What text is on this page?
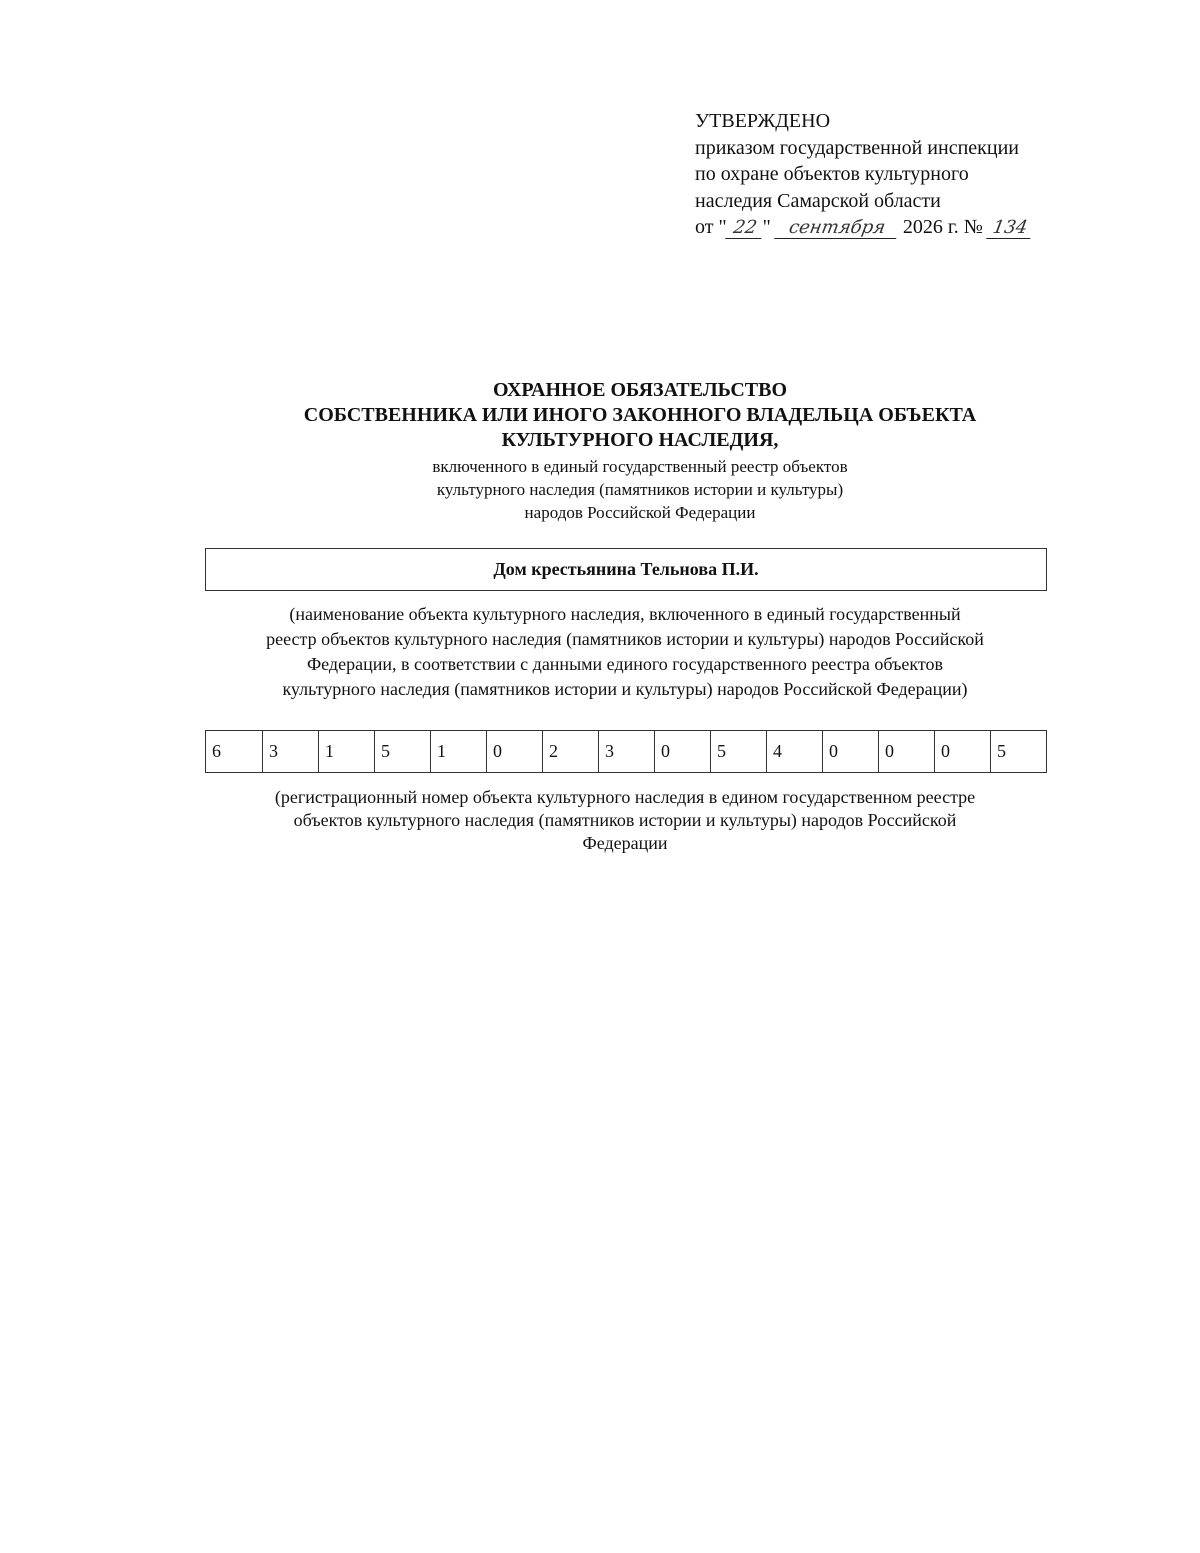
УТВЕРЖДЕНО
приказом государственной инспекции
по охране объектов культурного
наследия Самарской области
от " 22 " сентября 2026 г. № 134

ОХРАННОЕ ОБЯЗАТЕЛЬСТВО

СОБСТВЕННИКА ИЛИ ИНОГО ЗАКОННОГО ВЛАДЕЛЬЦА ОБЪЕКТА

КУЛЬТУРНОГО НАСЛЕДИЯ,

включенного в единый государственный реестр объектов

культурного наследия (памятников истории и культуры)

народов Российской Федерации

Дом крестьянина Тельнова П.И.
(наименование объекта культурного наследия, включенного в единый государственный
реестр объектов культурного наследия (памятников истории и культуры) народов Российской
Федерации, в соответствии с данными единого государственного реестра объектов
культурного наследия (памятников истории и культуры) народов Российской Федерации)
6	3	1	5	1	0	2	3	0	5	4	0	0	0	5
(регистрационный номер объекта культурного наследия в едином государственном реестре
объектов культурного наследия (памятников истории и культуры) народов Российской
Федерации
